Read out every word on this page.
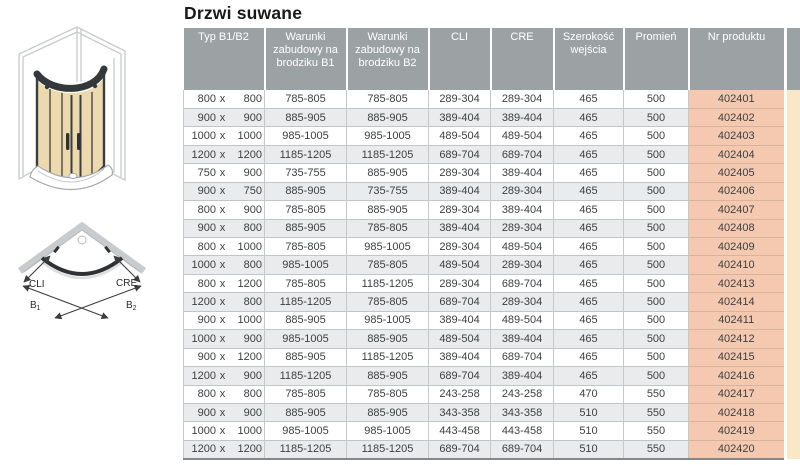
CLI	CRE
$B_1$	$B_2$
Drzwi suwane
Typ B1/B2	Warunki zabudowy na brodziku B1	Warunki zabudowy na brodziku B2	CLI	CRE	Szerokość wejścia	Promień	Nr produktu
800 x 800	785-805	785-805	289-304	289-304	465	500	402401
900 x 900	885-905	885-905	389-404	389-404	465	500	402402
1000 x 1000	985-1005	985-1005	489-504	489-504	465	500	402403
1200 x 1200	1185-1205	1185-1205	689-704	689-704	465	500	402404
750 x 900	735-755	885-905	289-304	389-404	465	500	402405
900 x 750	885-905	735-755	389-404	289-304	465	500	402406
800 x 900	785-805	885-905	289-304	389-404	465	500	402407
900 x 800	885-905	785-805	389-404	289-304	465	500	402408
800 x 1000	785-805	985-1005	289-304	489-504	465	500	402409
1000 x 800	985-1005	785-805	489-504	289-304	465	500	402410
800 x 1200	785-805	1185-1205	289-304	689-704	465	500	402413
1200 x 800	1185-1205	785-805	689-704	289-304	465	500	402414
900 x 1000	885-905	985-1005	389-404	489-504	465	500	402411
1000 x 900	985-1005	885-905	489-504	389-404	465	500	402412
900 x 1200	885-905	1185-1205	389-404	689-704	465	500	402415
1200 x 900	1185-1205	885-905	689-704	389-404	465	500	402416
800 x 800	785-805	785-805	243-258	243-258	470	550	402417
900 x 900	885-905	885-905	343-358	343-358	510	550	402418
1000 x 1000	985-1005	985-1005	443-458	443-458	510	550	402419
1200 x 1200	1185-1205	1185-1205	689-704	689-704	510	550	402420
